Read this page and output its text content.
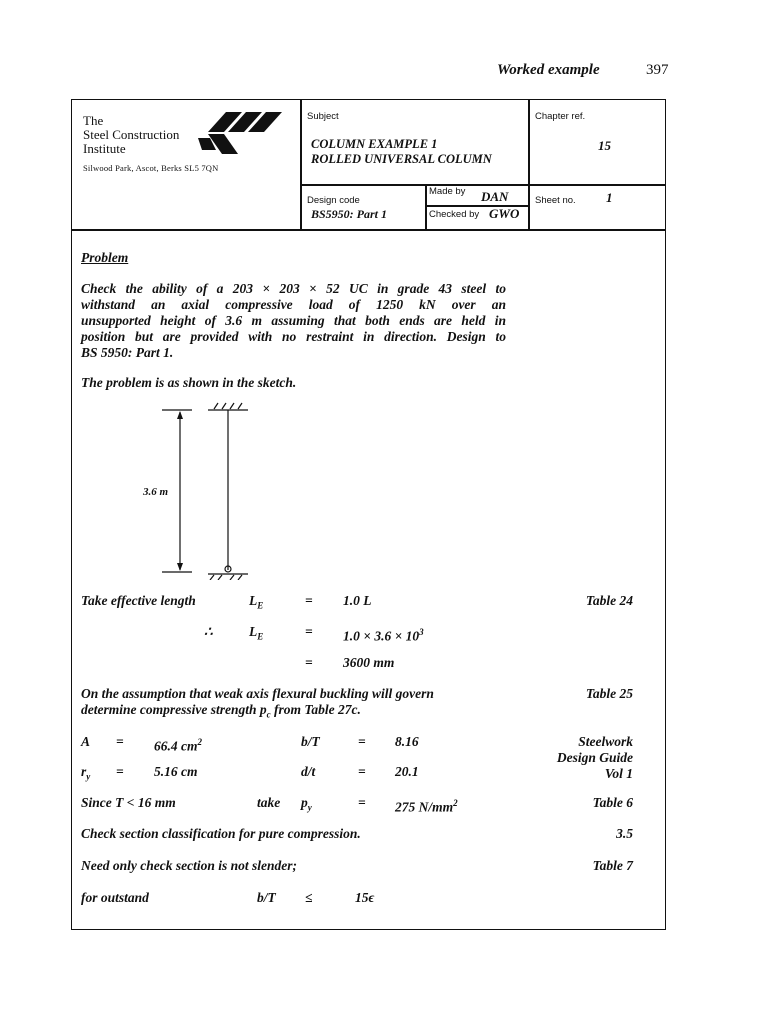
Worked example	397
The
Steel Construction
Institute
Silwood Park, Ascot, Berks SL5 7QN
Subject
COLUMN EXAMPLE 1
ROLLED UNIVERSAL COLUMN
Chapter ref.
15
Design code
BS5950: Part 1
Made by DAN
Checked by GWO
Sheet no. 1
Problem
Check the ability of a 203 × 203 × 52 UC in grade 43 steel to
withstand an axial compressive load of 1250 kN over an
unsupported height of 3.6 m assuming that both ends are held in
position but are provided with no restraint in direction. Design to
BS 5950: Part 1.
The problem is as shown in the sketch.
3.6 m
Take effective length	$L_E$	= 1.0 L	Table 24
∴	$L_E$	= $1.0 \times 3.6 \times 10^3$
= 3600 mm
On the assumption that weak axis flexural buckling will govern
determine compressive strength $p_c$ from Table 27c.
Table 25
A = 66.4 $cm^2$	b/T	= 8.16	Steelwork
Design Guide
Vol 1
$r_y = 5.16$ cm	d/t	= 20.1
Since T < 16 mm	take $p_y$	= 275 $N/mm^2$	Table 6
Check section classification for pure compression.	3.5
Need only check section is not slender;	Table 7
for outstand	b/T ≤	15ϵ
